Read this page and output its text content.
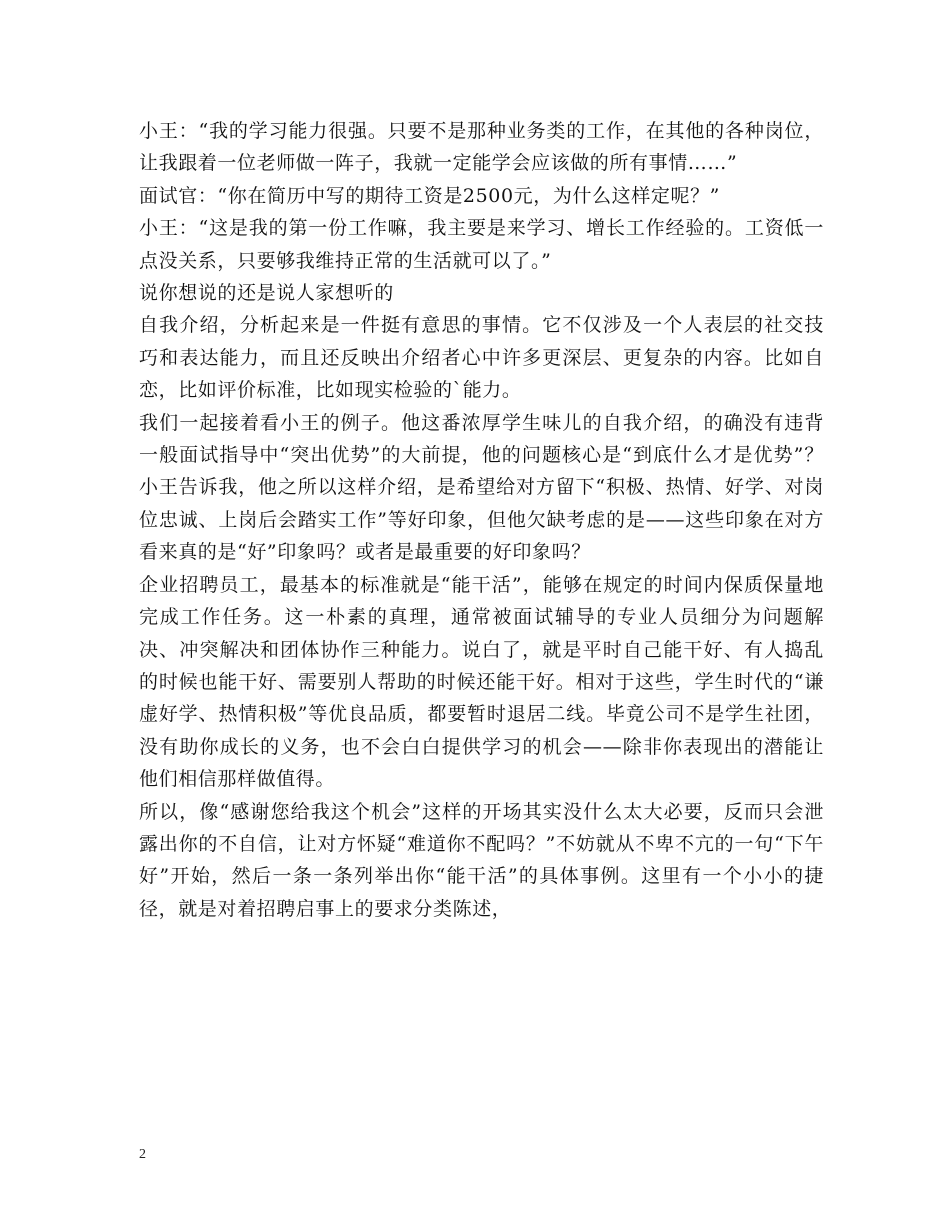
小王：“我的学习能力很强。只要不是那种业务类的工作，在其他的各种岗位，让我跟着一位老师做一阵子，我就一定能学会应该做的所有事情……”

面试官：“你在简历中写的期待工资是2500元，为什么这样定呢？”

小王：“这是我的第一份工作嘛，我主要是来学习、增长工作经验的。工资低一点没关系，只要够我维持正常的生活就可以了。”

说你想说的还是说人家想听的

自我介绍，分析起来是一件挺有意思的事情。它不仅涉及一个人表层的社交技巧和表达能力，而且还反映出介绍者心中许多更深层、更复杂的内容。比如自恋，比如评价标准，比如现实检验的`能力。

我们一起接着看小王的例子。他这番浓厚学生味儿的自我介绍，的确没有违背一般面试指导中“突出优势”的大前提，他的问题核心是“到底什么才是优势”？小王告诉我，他之所以这样介绍，是希望给对方留下“积极、热情、好学、对岗位忠诚、上岗后会踏实工作”等好印象，但他欠缺考虑的是——这些印象在对方看来真的是“好”印象吗？或者是最重要的好印象吗？

企业招聘员工，最基本的标准就是“能干活”，能够在规定的时间内保质保量地完成工作任务。这一朴素的真理，通常被面试辅导的专业人员细分为问题解决、冲突解决和团体协作三种能力。说白了，就是平时自己能干好、有人捣乱的时候也能干好、需要别人帮助的时候还能干好。相对于这些，学生时代的“谦虚好学、热情积极”等优良品质，都要暂时退居二线。毕竟公司不是学生社团，没有助你成长的义务，也不会白白提供学习的机会——除非你表现出的潜能让他们相信那样做值得。

所以，像“感谢您给我这个机会”这样的开场其实没什么太大必要，反而只会泄露出你的不自信，让对方怀疑“难道你不配吗？”不妨就从不卑不亢的一句“下午好”开始，然后一条一条列举出你“能干活”的具体事例。这里有一个小小的捷径，就是对着招聘启事上的要求分类陈述，

2
